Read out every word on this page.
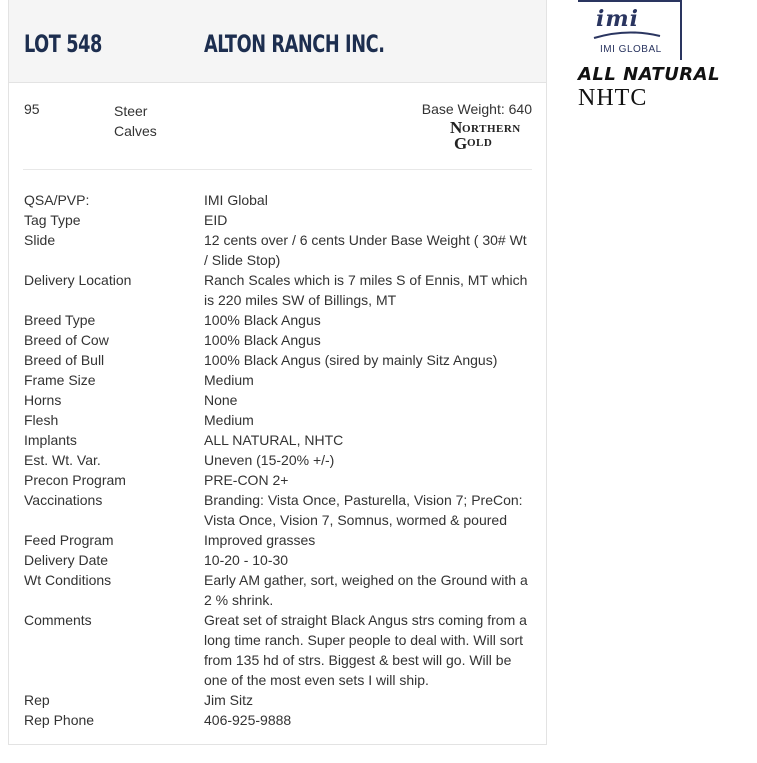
LOT 548	ALTON RANCH INC.
95	Steer Calves
Base Weight: 640
N ORTHERN
G OLD
QSA/PVP:	IMI Global
Tag Type	EID
Slide	12 cents over / 6 cents Under Base Weight ( 30# Wt / Slide Stop)
Delivery Location	Ranch Scales which is 7 miles S of Ennis, MT which is 220 miles SW of Billings, MT
Breed Type	100% Black Angus
Breed of Cow	100% Black Angus
Breed of Bull	100% Black Angus (sired by mainly Sitz Angus)
Frame Size	Medium
Horns	None
Flesh	Medium
Implants	ALL NATURAL, NHTC
Est. Wt. Var.	Uneven (15-20% +/-)
Precon Program	PRE-CON 2+
Vaccinations	Branding: Vista Once, Pasturella, Vision 7; PreCon: Vista Once, Vision 7, Somnus, wormed & poured
Feed Program	Improved grasses
Delivery Date	10-20 - 10-30
Wt Conditions	Early AM gather, sort, weighed on the Ground with a 2 % shrink.
Comments	Great set of straight Black Angus strs coming from a long time ranch. Super people to deal with. Will sort from 135 hd of strs. Biggest & best will go. Will be one of the most even sets I will ship.
Rep	Jim Sitz
Rep Phone	406-925-9888
imi
IMI GLOBAL
ALL NATURAL
NHTC
